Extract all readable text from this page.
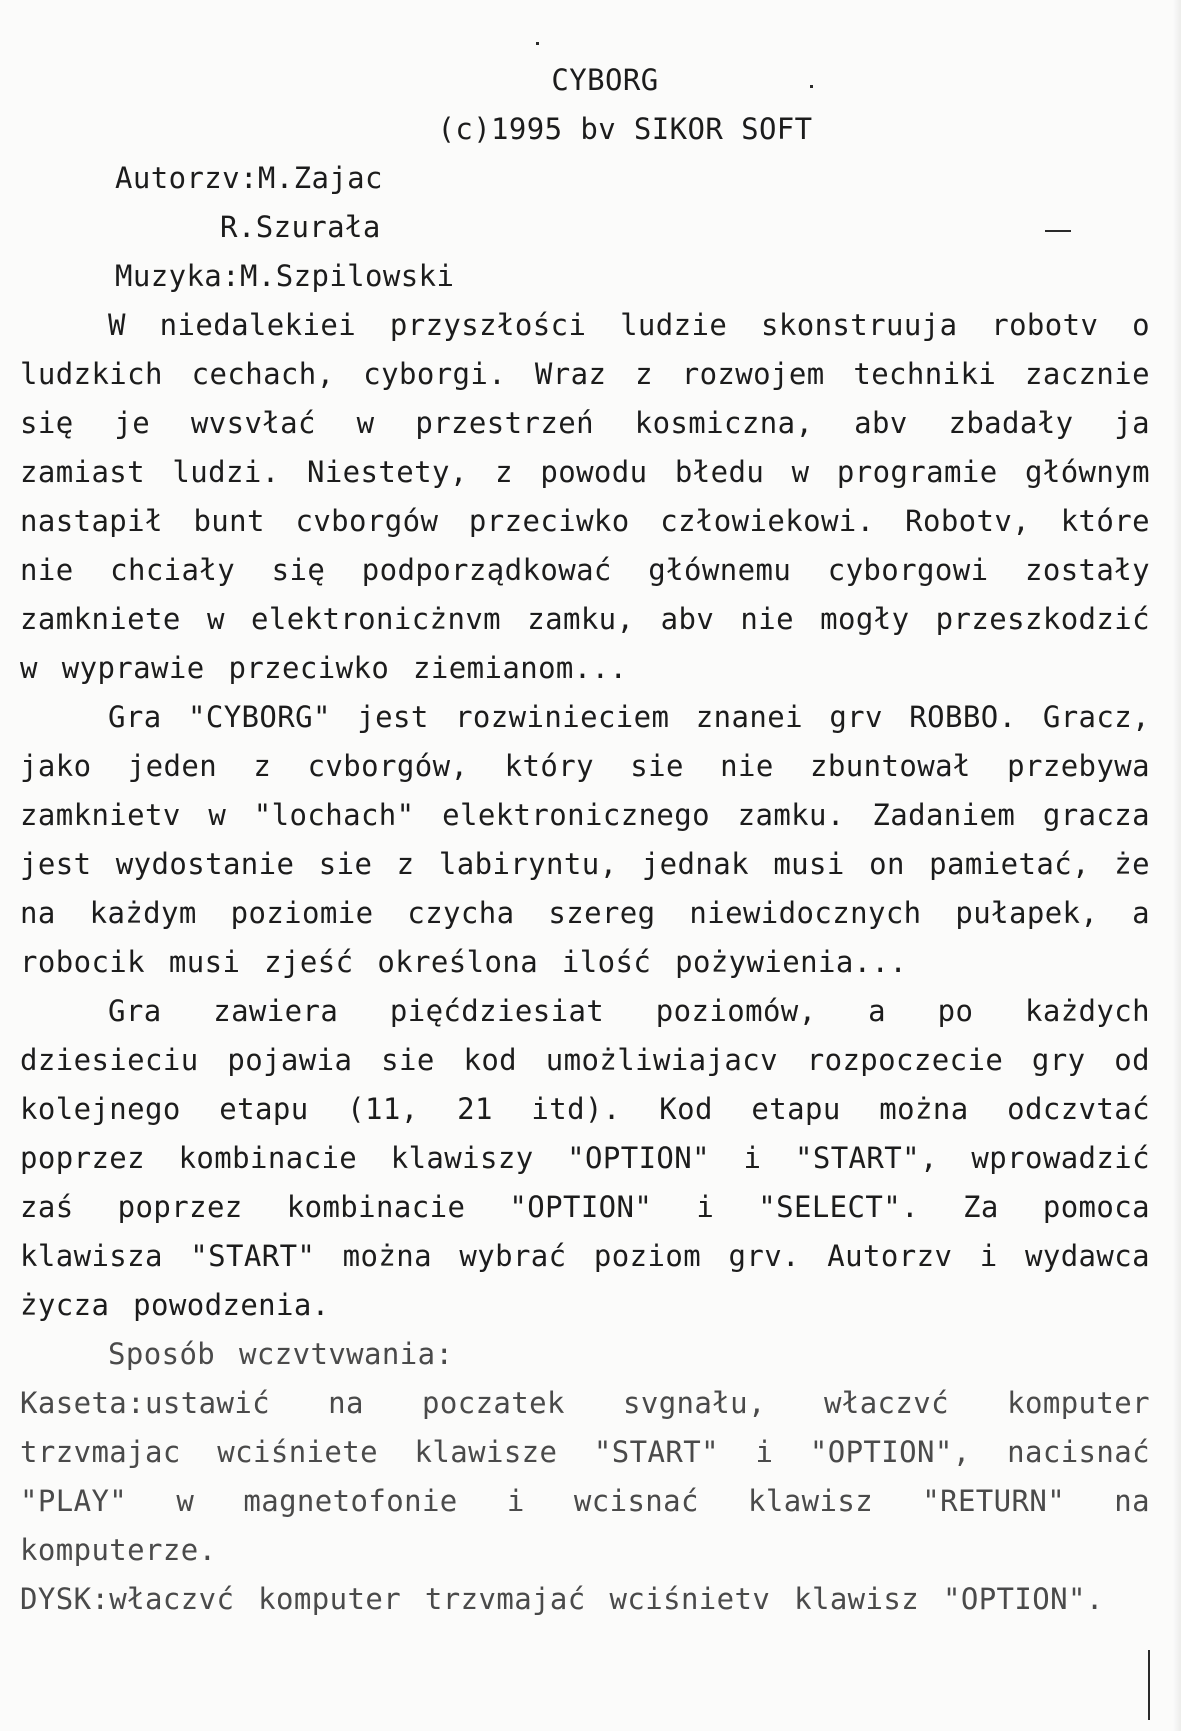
CYBORG
(c)1995 bv SIKOR SOFT
Autorzv:M.Zajac
R.Szurała
Muzyka:M.Szpilowski

W niedalekiei przyszłości ludzie skonstruuja robotv o ludzkich cechach, cyborgi. Wraz z rozwojem techniki zacznie się je wvsvłać w przestrzeń kosmiczna, abv zbadały ja zamiast ludzi. Niestety, z powodu błedu w programie głównym nastapił bunt cvborgów przeciwko człowiekowi. Robotv, które nie chciały się podporządkować głównemu cyborgowi zostały zamkniete w elektronicżnvm zamku, abv nie mogły przeszkodzić w wyprawie przeciwko ziemianom...

Gra "CYBORG" jest rozwinieciem znanei grv ROBBO. Gracz, jako jeden z cvborgów, który sie nie zbuntował przebywa zamknietv w "lochach" elektronicznego zamku. Zadaniem gracza jest wydostanie sie z labiryntu, jednak musi on pamietać, że na każdym poziomie czycha szereg niewidocznych pułapek, a robocik musi zjeść określona ilość pożywienia...

Gra zawiera pięćdziesiat poziomów, a po każdych dziesieciu pojawia sie kod umożliwiajacv rozpoczecie gry od kolejnego etapu (11, 21 itd). Kod etapu można odczvtać poprzez kombinacie klawiszy "OPTION" i "START", wprowadzić zaś poprzez kombinacie "OPTION" i "SELECT". Za pomoca klawisza "START" można wybrać poziom grv. Autorzv i wydawca życza powodzenia.

Sposób wczvtvwania:

Kaseta:ustawić na poczatek svgnału, właczvć komputer trzvmajac wciśniete klawisze "START" i "OPTION", nacisnać "PLAY" w magnetofonie i wcisnać klawisz "RETURN" na komputerze.

DYSK:właczvć komputer trzvmajać wciśnietv klawisz "OPTION".
